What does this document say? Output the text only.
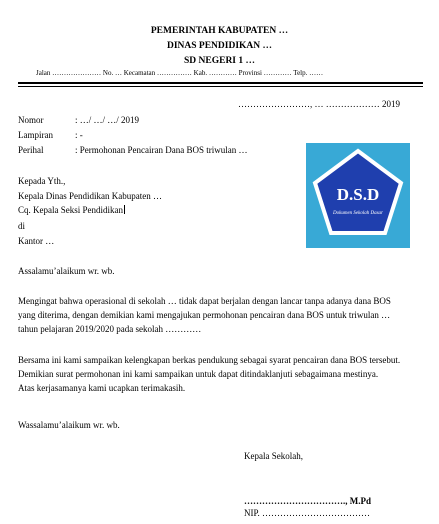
PEMERINTAH KABUPATEN …
DINAS PENDIDIKAN …
SD NEGERI 1 …
Jalan ………………… No. … Kecamatan …………… Kab. ………… Provinsi ………… Telp. ……
……………………, … ……………… 2019
Nomor	: …/ …/ …/ 2019
Lampiran : -
Perihal	: Permohonan Pencairan Dana BOS triwulan …
Kepada Yth.,
Kepala Dinas Pendidikan Kabupaten …
Cq. Kepala Seksi Pendidikan
di
Kantor …
D.S.D
Dokumen Sekolah Dasar
Assalamu’alaikum wr. wb.
Mengingat bahwa operasional di sekolah … tidak dapat berjalan dengan lancar tanpa adanya dana BOS
yang diterima, dengan demikian kami mengajukan permohonan pencairan dana BOS untuk triwulan …
tahun pelajaran 2019/2020 pada sekolah …………
Bersama ini kami sampaikan kelengkapan berkas pendukung sebagai syarat pencairan dana BOS tersebut.
Demikian surat permohonan ini kami sampaikan untuk dapat ditindaklanjuti sebagaimana mestinya.
Atas kerjasamanya kami ucapkan terimakasih.
Wassalamu’alaikum wr. wb.
Kepala Sekolah,
……………………………., M.Pd
NIP. ………………………………
